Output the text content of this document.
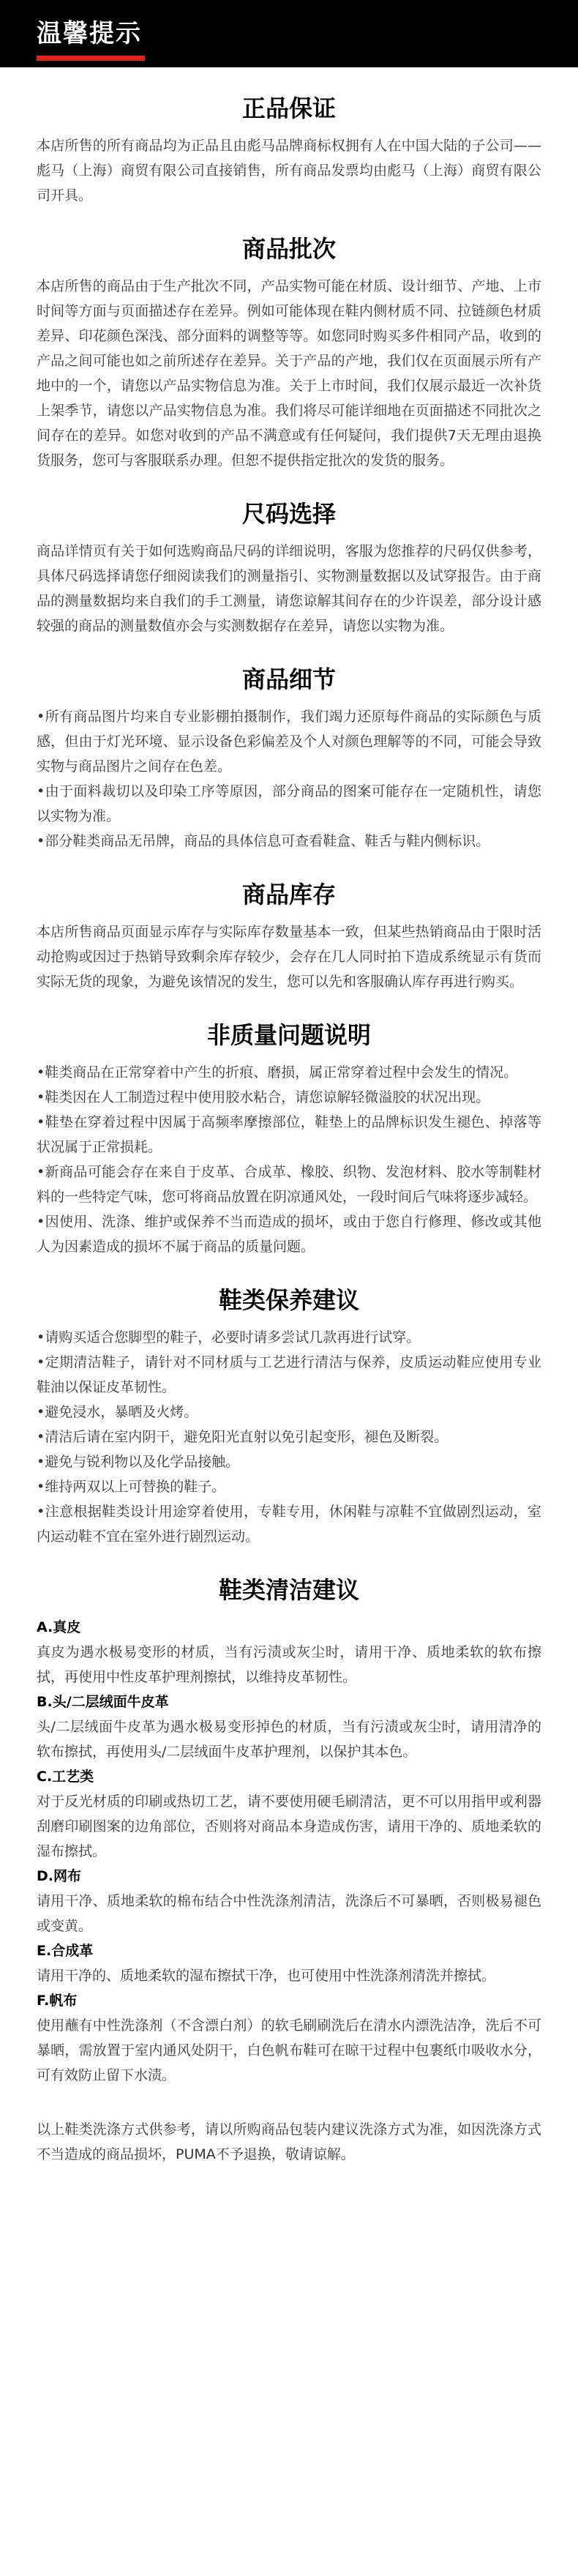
温馨提示
正品保证

本店所售的所有商品均为正品且由彪马品牌商标权拥有人在中国大陆的子公司——彪马（上海）商贸有限公司直接销售，所有商品发票均由彪马（上海）商贸有限公司开具。

商品批次

本店所售的商品由于生产批次不同，产品实物可能在材质、设计细节、产地、上市时间等方面与页面描述存在差异。例如可能体现在鞋内侧材质不同、拉链颜色材质差异、印花颜色深浅、部分面料的调整等等。如您同时购买多件相同产品，收到的产品之间可能也如之前所述存在差异。关于产品的产地，我们仅在页面展示所有产地中的一个，请您以产品实物信息为准。关于上市时间，我们仅展示最近一次补货上架季节，请您以产品实物信息为准。我们将尽可能详细地在页面描述不同批次之间存在的差异。如您对收到的产品不满意或有任何疑问，我们提供7天无理由退换货服务，您可与客服联系办理。但恕不提供指定批次的发货的服务。

尺码选择

商品详情页有关于如何选购商品尺码的详细说明，客服为您推荐的尺码仅供参考，具体尺码选择请您仔细阅读我们的测量指引、实物测量数据以及试穿报告。由于商品的测量数据均来自我们的手工测量，请您谅解其间存在的少许误差，部分设计感较强的商品的测量数值亦会与实测数据存在差异，请您以实物为准。

商品细节

•所有商品图片均来自专业影棚拍摄制作，我们竭力还原每件商品的实际颜色与质感，但由于灯光环境、显示设备色彩偏差及个人对颜色理解等的不同，可能会导致实物与商品图片之间存在色差。

•由于面料裁切以及印染工序等原因，部分商品的图案可能存在一定随机性，请您以实物为准。

•部分鞋类商品无吊牌，商品的具体信息可查看鞋盒、鞋舌与鞋内侧标识。

商品库存

本店所售商品页面显示库存与实际库存数量基本一致，但某些热销商品由于限时活动抢购或因过于热销导致剩余库存较少，会存在几人同时拍下造成系统显示有货而实际无货的现象，为避免该情况的发生，您可以先和客服确认库存再进行购买。

非质量问题说明

•鞋类商品在正常穿着中产生的折痕、磨损，属正常穿着过程中会发生的情况。

•鞋类因在人工制造过程中使用胶水粘合，请您谅解轻微溢胶的状况出现。

•鞋垫在穿着过程中因属于高频率摩擦部位，鞋垫上的品牌标识发生褪色、掉落等状况属于正常损耗。

•新商品可能会存在来自于皮革、合成革、橡胶、织物、发泡材料、胶水等制鞋材料的一些特定气味，您可将商品放置在阴凉通风处，一段时间后气味将逐步减轻。

•因使用、洗涤、维护或保养不当而造成的损坏，或由于您自行修理、修改或其他人为因素造成的损坏不属于商品的质量问题。

鞋类保养建议

•请购买适合您脚型的鞋子，必要时请多尝试几款再进行试穿。

•定期清洁鞋子，请针对不同材质与工艺进行清洁与保养，皮质运动鞋应使用专业鞋油以保证皮革韧性。

•避免浸水，暴晒及火烤。

•清洁后请在室内阴干，避免阳光直射以免引起变形，褪色及断裂。

•避免与锐利物以及化学品接触。

•维持两双以上可替换的鞋子。

•注意根据鞋类设计用途穿着使用，专鞋专用，休闲鞋与凉鞋不宜做剧烈运动，室内运动鞋不宜在室外进行剧烈运动。

鞋类清洁建议

A.真皮

真皮为遇水极易变形的材质，当有污渍或灰尘时，请用干净、质地柔软的软布擦拭，再使用中性皮革护理剂擦拭，以维持皮革韧性。

B.头/二层绒面牛皮革

头/二层绒面牛皮革为遇水极易变形掉色的材质，当有污渍或灰尘时，请用清净的软布擦拭，再使用头/二层绒面牛皮革护理剂，以保护其本色。

C.工艺类

对于反光材质的印刷或热切工艺，请不要使用硬毛刷清洁，更不可以用指甲或利器刮磨印刷图案的边角部位，否则将对商品本身造成伤害，请用干净的、质地柔软的湿布擦拭。

D.网布

请用干净、质地柔软的棉布结合中性洗涤剂清洁，洗涤后不可暴晒，否则极易褪色或变黄。

E.合成革

请用干净的、质地柔软的湿布擦拭干净，也可使用中性洗涤剂清洗并擦拭。

F.帆布

使用蘸有中性洗涤剂（不含漂白剂）的软毛刷刷洗后在清水内漂洗洁净，洗后不可暴晒，需放置于室内通风处阴干，白色帆布鞋可在晾干过程中包裹纸巾吸收水分，可有效防止留下水渍。

以上鞋类洗涤方式供参考，请以所购商品包装内建议洗涤方式为准，如因洗涤方式不当造成的商品损坏，PUMA不予退换，敬请谅解。
